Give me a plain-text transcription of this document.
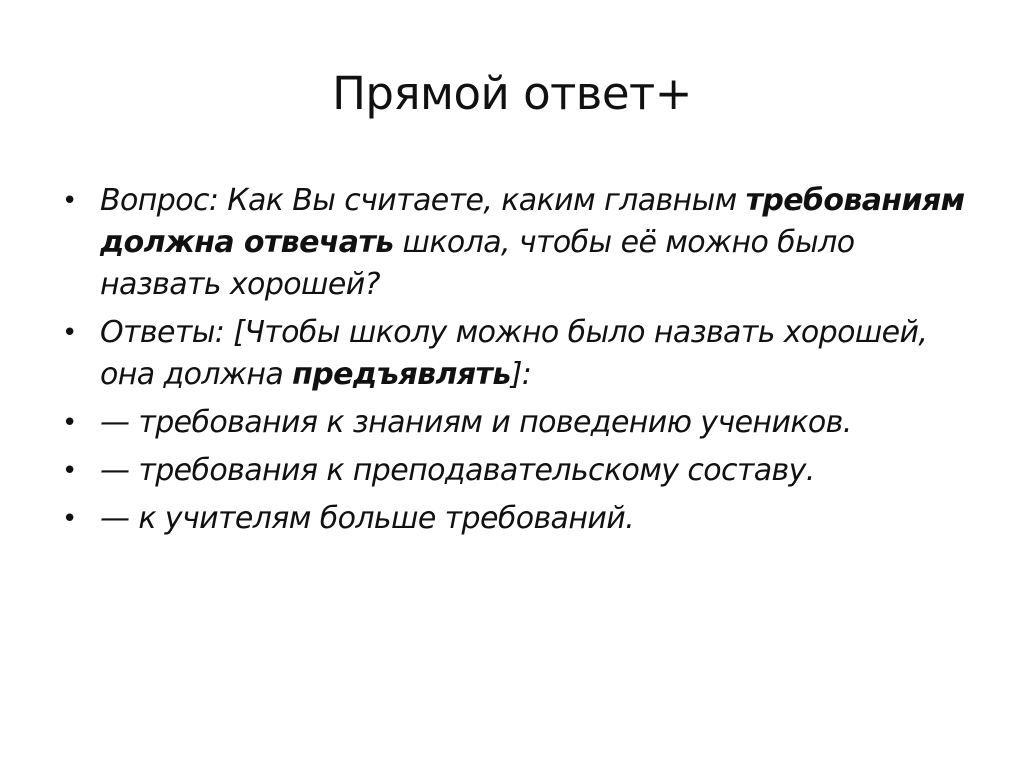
Прямой ответ+
• Вопрос: Как Вы считаете, каким главным требованиям должна отвечать школа, чтобы её можно было назвать хорошей?
• Ответы: [Чтобы школу можно было назвать хорошей, она должна предъявлять]:
• — требования к знаниям и поведению учеников.
• — требования к преподавательскому составу.
• — к учителям больше требований.
